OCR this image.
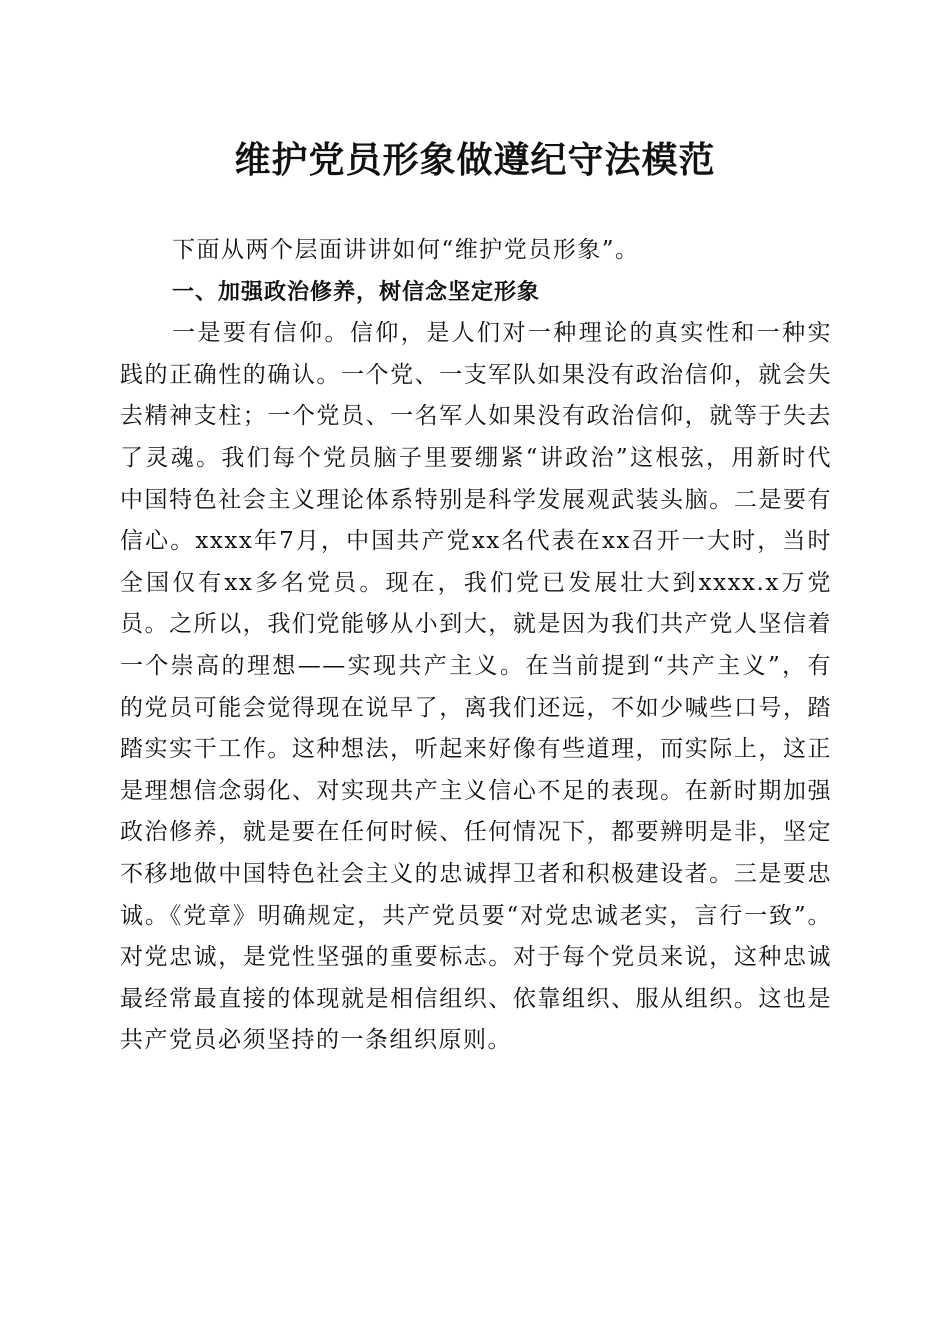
维护党员形象做遵纪守法模范

下面从两个层面讲讲如何“维护党员形象”。

一、加强政治修养，树信念坚定形象

一是要有信仰。信仰，是人们对一种理论的真实性和一种实践的正确性的确认。一个党、一支军队如果没有政治信仰，就会失去精神支柱；一个党员、一名军人如果没有政治信仰，就等于失去了灵魂。我们每个党员脑子里要绷紧“讲政治”这根弦，用新时代中国特色社会主义理论体系特别是科学发展观武装头脑。二是要有信心。xxxx年7月，中国共产党xx名代表在xx召开一大时，当时全国仅有xx多名党员。现在，我们党已发展壮大到xxxx.x万党员。之所以，我们党能够从小到大，就是因为我们共产党人坚信着一个崇高的理想——实现共产主义。在当前提到“共产主义”，有的党员可能会觉得现在说早了，离我们还远，不如少喊些口号，踏踏实实干工作。这种想法，听起来好像有些道理，而实际上，这正是理想信念弱化、对实现共产主义信心不足的表现。在新时期加强政治修养，就是要在任何时候、任何情况下，都要辨明是非，坚定不移地做中国特色社会主义的忠诚捍卫者和积极建设者。三是要忠诚。《党章》明确规定，共产党员要“对党忠诚老实，言行一致”。对党忠诚，是党性坚强的重要标志。对于每个党员来说，这种忠诚最经常最直接的体现就是相信组织、依靠组织、服从组织。这也是共产党员必须坚持的一条组织原则。
